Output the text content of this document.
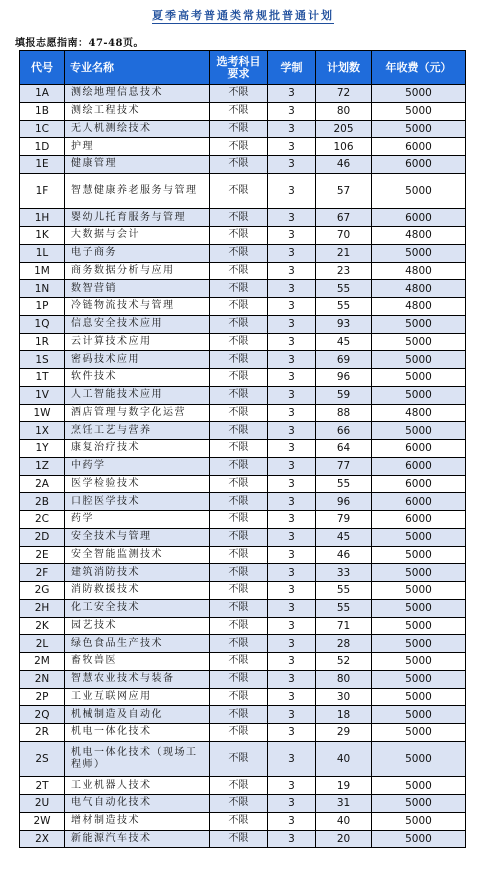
夏季高考普通类常规批普通计划
填报志愿指南：47-48页。
代号	专业名称	选考科目要求	学制	计划数	年收费（元）
1A	测绘地理信息技术	不限	3	72	5000
1B	测绘工程技术	不限	3	80	5000
1C	无人机测绘技术	不限	3	205	5000
1D	护理	不限	3	106	6000
1E	健康管理	不限	3	46	6000
1F	智慧健康养老服务与管理	不限	3	57	5000
1H	婴幼儿托育服务与管理	不限	3	67	6000
1K	大数据与会计	不限	3	70	4800
1L	电子商务	不限	3	21	5000
1M	商务数据分析与应用	不限	3	23	4800
1N	数智营销	不限	3	55	4800
1P	冷链物流技术与管理	不限	3	55	4800
1Q	信息安全技术应用	不限	3	93	5000
1R	云计算技术应用	不限	3	45	5000
1S	密码技术应用	不限	3	69	5000
1T	软件技术	不限	3	96	5000
1V	人工智能技术应用	不限	3	59	5000
1W	酒店管理与数字化运营	不限	3	88	4800
1X	烹饪工艺与营养	不限	3	66	5000
1Y	康复治疗技术	不限	3	64	6000
1Z	中药学	不限	3	77	6000
2A	医学检验技术	不限	3	55	6000
2B	口腔医学技术	不限	3	96	6000
2C	药学	不限	3	79	6000
2D	安全技术与管理	不限	3	45	5000
2E	安全智能监测技术	不限	3	46	5000
2F	建筑消防技术	不限	3	33	5000
2G	消防救援技术	不限	3	55	5000
2H	化工安全技术	不限	3	55	5000
2K	园艺技术	不限	3	71	5000
2L	绿色食品生产技术	不限	3	28	5000
2M	畜牧兽医	不限	3	52	5000
2N	智慧农业技术与装备	不限	3	80	5000
2P	工业互联网应用	不限	3	30	5000
2Q	机械制造及自动化	不限	3	18	5000
2R	机电一体化技术	不限	3	29	5000
2S	机电一体化技术（现场工程师）	不限	3	40	5000
2T	工业机器人技术	不限	3	19	5000
2U	电气自动化技术	不限	3	31	5000
2W	增材制造技术	不限	3	40	5000
2X	新能源汽车技术	不限	3	20	5000
